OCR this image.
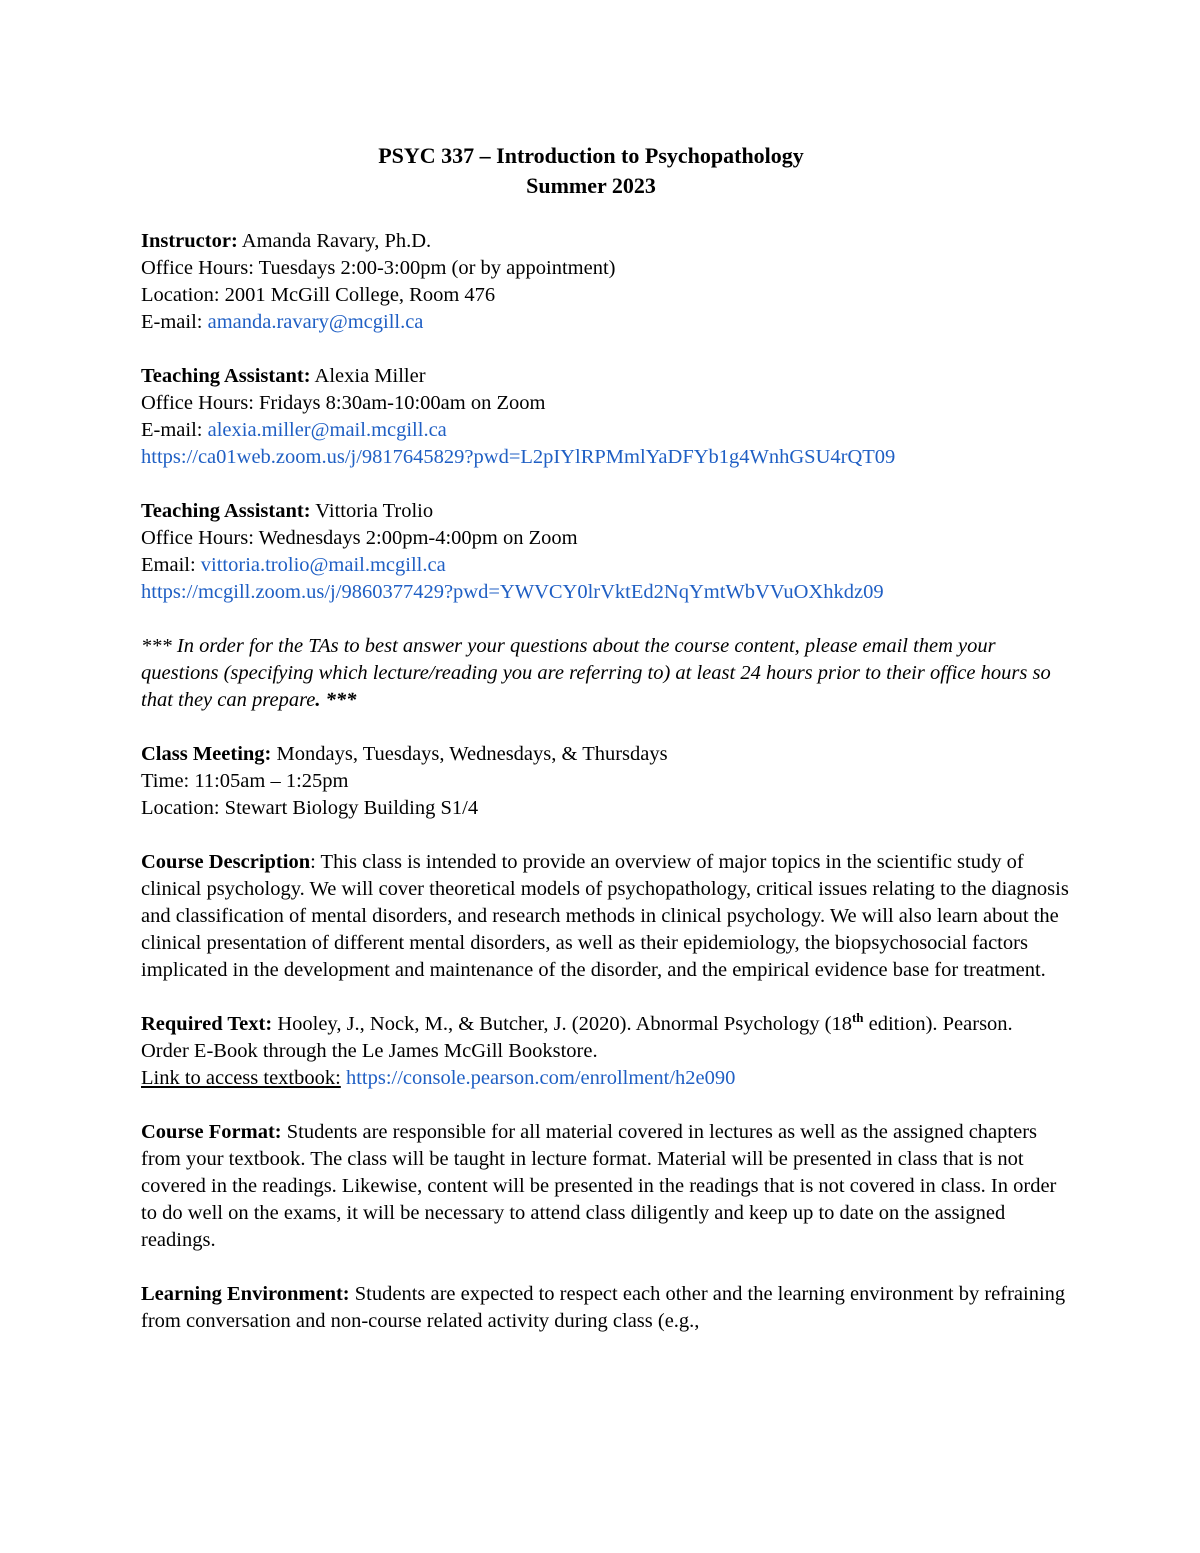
PSYC 337 – Introduction to Psychopathology
Summer 2023
Instructor: Amanda Ravary, Ph.D.
Office Hours: Tuesdays 2:00-3:00pm (or by appointment)
Location: 2001 McGill College, Room 476
E-mail: amanda.ravary@mcgill.ca
Teaching Assistant: Alexia Miller
Office Hours: Fridays 8:30am-10:00am on Zoom
E-mail: alexia.miller@mail.mcgill.ca
https://ca01web.zoom.us/j/9817645829?pwd=L2pIYlRPMmlYaDFYb1g4WnhGSU4rQT09
Teaching Assistant: Vittoria Trolio
Office Hours: Wednesdays 2:00pm-4:00pm on Zoom
Email: vittoria.trolio@mail.mcgill.ca
https://mcgill.zoom.us/j/9860377429?pwd=YWVCY0lrVktEd2NqYmtWbVVuOXhkdz09
*** In order for the TAs to best answer your questions about the course content, please email them your questions (specifying which lecture/reading you are referring to) at least 24 hours prior to their office hours so that they can prepare. ***
Class Meeting: Mondays, Tuesdays, Wednesdays, & Thursdays
Time: 11:05am – 1:25pm
Location: Stewart Biology Building S1/4
Course Description: This class is intended to provide an overview of major topics in the scientific study of clinical psychology. We will cover theoretical models of psychopathology, critical issues relating to the diagnosis and classification of mental disorders, and research methods in clinical psychology. We will also learn about the clinical presentation of different mental disorders, as well as their epidemiology, the biopsychosocial factors implicated in the development and maintenance of the disorder, and the empirical evidence base for treatment.
Required Text: Hooley, J., Nock, M., & Butcher, J. (2020). Abnormal Psychology (18th edition). Pearson.
Order E-Book through the Le James McGill Bookstore.
Link to access textbook: https://console.pearson.com/enrollment/h2e090
Course Format: Students are responsible for all material covered in lectures as well as the assigned chapters from your textbook. The class will be taught in lecture format. Material will be presented in class that is not covered in the readings. Likewise, content will be presented in the readings that is not covered in class. In order to do well on the exams, it will be necessary to attend class diligently and keep up to date on the assigned readings.
Learning Environment: Students are expected to respect each other and the learning environment by refraining from conversation and non-course related activity during class (e.g.,
